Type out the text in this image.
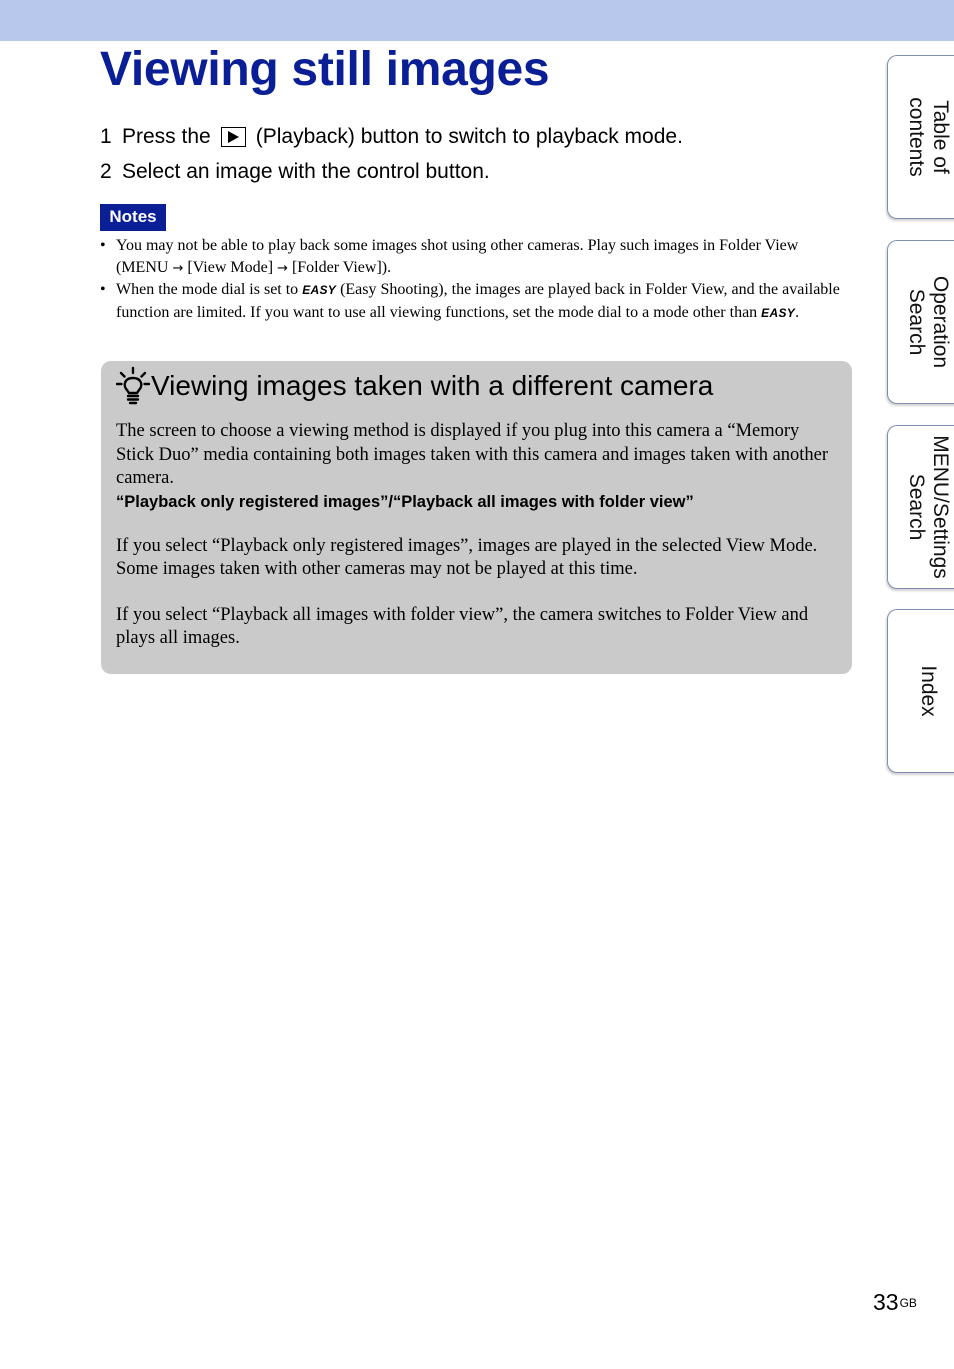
Viewing still images
1 Press the (Playback) button to switch to playback mode.
2 Select an image with the control button.
Notes
• You may not be able to play back some images shot using other cameras. Play such images in Folder View (MENU → [View Mode] → [Folder View]).
• When the mode dial is set to EASY (Easy Shooting), the images are played back in Folder View, and the available function are limited. If you want to use all viewing functions, set the mode dial to a mode other than EASY.
Viewing images taken with a different camera

The screen to choose a viewing method is displayed if you plug into this camera a “Memory Stick Duo” media containing both images taken with this camera and images taken with another camera.

“Playback only registered images”/“Playback all images with folder view”

If you select “Playback only registered images”, images are played in the selected View Mode. Some images taken with other cameras may not be played at this time.

If you select “Playback all images with folder view”, the camera switches to Folder View and plays all images.

Table of
contents
Operation
Search
MENU/Settings
Search
Index
$33^{GB}$
